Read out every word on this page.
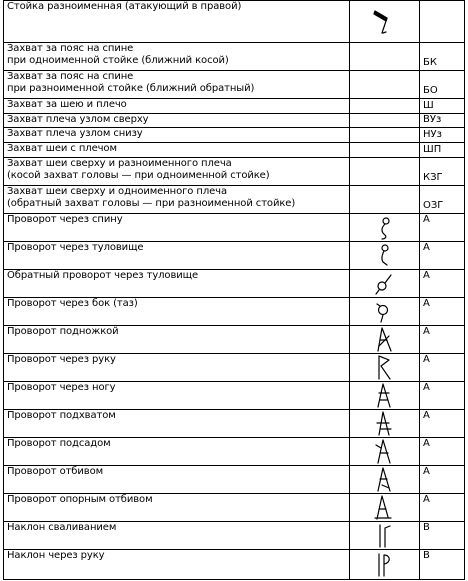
Стойка разноименная (атакующий в правой)
Захват за пояс на спине
при одноименной стойке (ближний косой)	БК
Захват за пояс на спине
при разноименной стойке (ближний обратный)	БО
Захват за шею и плечо	Ш
Захват плеча узлом сверху	ВУз
Захват плеча узлом снизу	НУз
Захват шеи с плечом	ШП
Захват шеи сверху и разноименного плеча
(косой захват головы — при одноименной стойке)	КЗГ
Захват шеи сверху и одноименного плеча
(обратный захват головы — при разноименной стойке)	ОЗГ
Проворот через спину	А
Проворот через туловище	А
Обратный проворот через туловище	А
Проворот через бок (таз)	А
Проворот подножкой	А
Проворот через руку	А
Проворот через ногу	А
Проворот подхватом	А
Проворот подсадом	А
Проворот отбивом	А
Проворот опорным отбивом	А
Наклон сваливанием	В
Наклон через руку	В
